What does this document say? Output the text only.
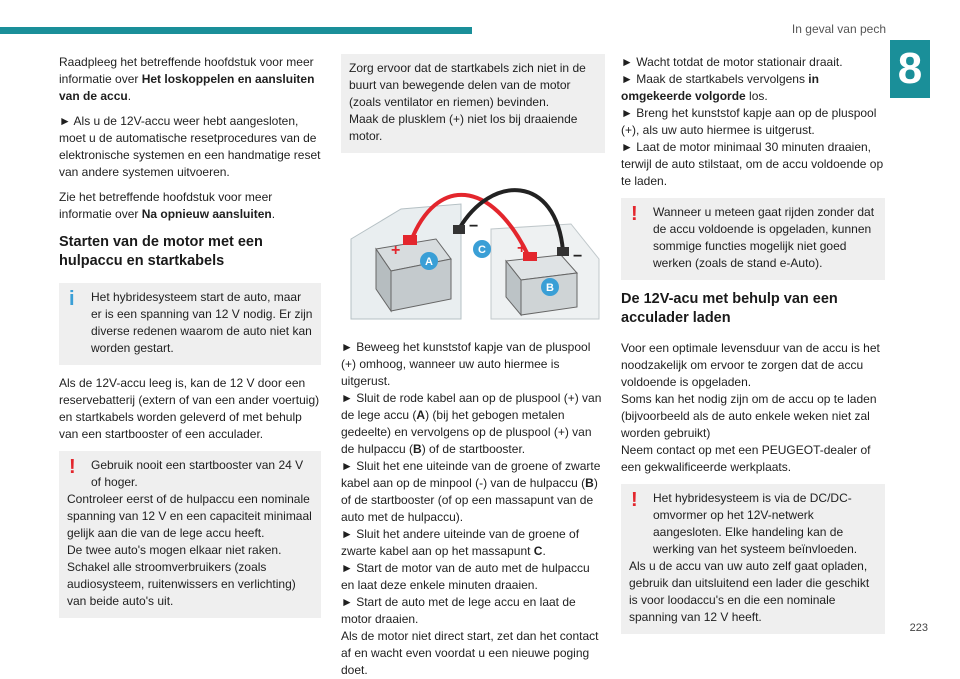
In geval van pech
8

Raadpleeg het betreffende hoofdstuk voor meer informatie over Het loskoppelen en aansluiten van de accu.

► Als u de 12V-accu weer hebt aangesloten, moet u de automatische resetprocedures van de elektronische systemen en een handmatige reset van andere systemen uitvoeren.

Zie het betreffende hoofdstuk voor meer informatie over Na opnieuw aansluiten.

Starten van de motor met een hulpaccu en startkabels
i	Het hybridesysteem start de auto, maar er is een spanning van 12 V nodig. Er zijn diverse redenen waarom de auto niet kan worden gestart.

Als de 12V-accu leeg is, kan de 12 V door een reservebatterij (extern of van een ander voertuig) en startkabels worden geleverd of met behulp van een startbooster of een acculader.

!	Gebruik nooit een startbooster van 24 V of hoger.
Controleer eerst of de hulpaccu een nominale spanning van 12 V en een capaciteit minimaal gelijk aan die van de lege accu heeft.
De twee auto's mogen elkaar niet raken.
Schakel alle stroomverbruikers (zoals audiosysteem, ruitenwissers en verlichting) van beide auto's uit.
Zorg ervoor dat de startkabels zich niet in de buurt van bewegende delen van de motor (zoals ventilator en riemen) bevinden.
Maak de plusklem (+) niet los bij draaiende motor.
+	+
−
−
A
C
B
► Beweeg het kunststof kapje van de pluspool (+) omhoog, wanneer uw auto hiermee is uitgerust.
► Sluit de rode kabel aan op de pluspool (+) van de lege accu (A) (bij het gebogen metalen gedeelte) en vervolgens op de pluspool (+) van de hulpaccu (B) of de startbooster.
► Sluit het ene uiteinde van de groene of zwarte kabel aan op de minpool (-) van de hulpaccu (B) of de startbooster (of op een massapunt van de auto met de hulpaccu).
► Sluit het andere uiteinde van de groene of zwarte kabel aan op het massapunt C.
► Start de motor van de auto met de hulpaccu en laat deze enkele minuten draaien.
► Start de auto met de lege accu en laat de motor draaien.
Als de motor niet direct start, zet dan het contact af en wacht even voordat u een nieuwe poging doet.
► Wacht totdat de motor stationair draait.
► Maak de startkabels vervolgens in omgekeerde volgorde los.
► Breng het kunststof kapje aan op de pluspool (+), als uw auto hiermee is uitgerust.

► Laat de motor minimaal 30 minuten draaien, terwijl de auto stilstaat, om de accu voldoende op te laden.

!	Wanneer u meteen gaat rijden zonder dat de accu voldoende is opgeladen, kunnen sommige functies mogelijk niet goed werken (zoals de stand e-Auto).
De 12V-acu met behulp van een acculader laden
Voor een optimale levensduur van de accu is het noodzakelijk om ervoor te zorgen dat de accu voldoende is opgeladen.
Soms kan het nodig zijn om de accu op te laden (bijvoorbeeld als de auto enkele weken niet zal worden gebruikt)

Neem contact op met een PEUGEOT-dealer of een gekwalificeerde werkplaats.

!	Het hybridesysteem is via de DC/DC-omvormer op het 12V-netwerk aangesloten. Elke handeling kan de werking van het systeem beïnvloeden.
Als u de accu van uw auto zelf gaat opladen, gebruik dan uitsluitend een lader die geschikt is voor loodaccu's en die een nominale spanning van 12 V heeft.
223
